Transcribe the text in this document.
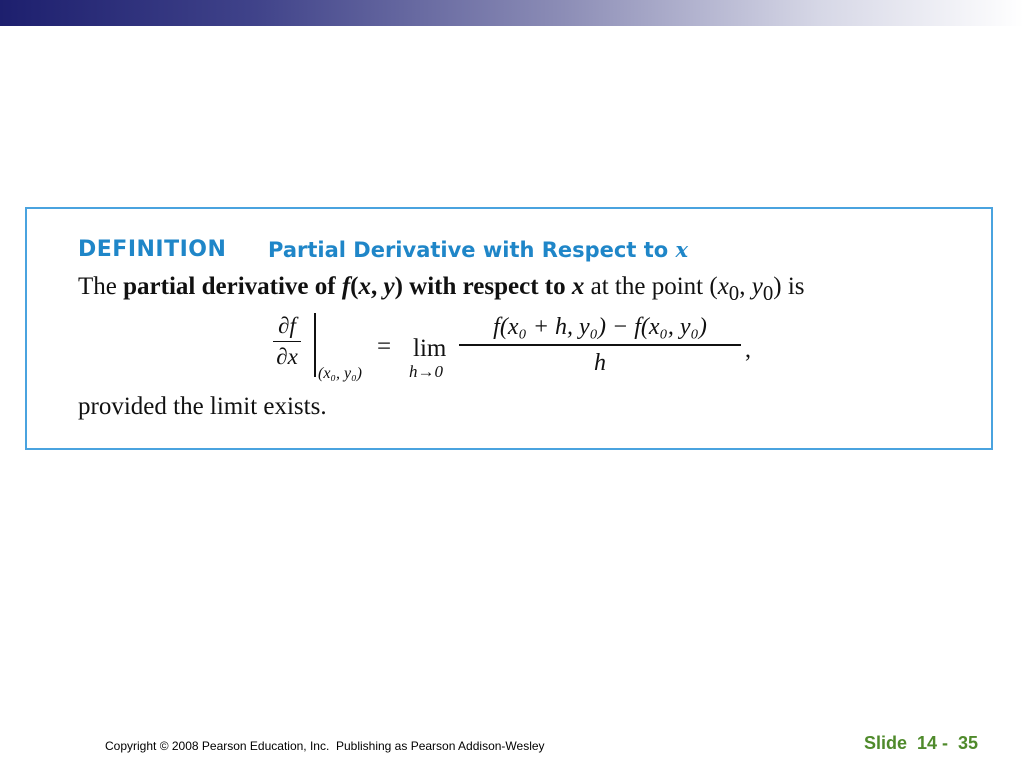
DEFINITION Partial Derivative with Respect to x
The partial derivative of f(x, y) with respect to x at the point ($x_0$, $y_0$) is
∂f
∂x
(x₀, y₀)
= lim
h→0
f(x₀ + h, y₀) − f(x₀, y₀)
h	,
provided the limit exists.
Copyright © 2008 Pearson Education, Inc.  Publishing as Pearson Addison-Wesley	Slide  14 -  35
